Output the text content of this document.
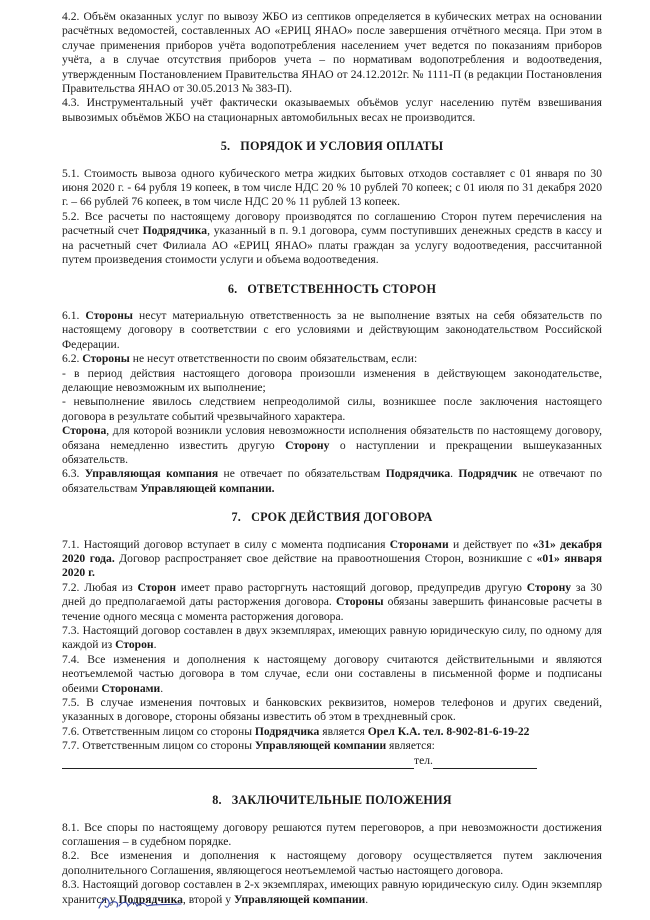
4.2. Объём оказанных услуг по вывозу ЖБО из септиков определяется в кубических метрах на основании расчётных ведомостей, составленных АО «ЕРИЦ ЯНАО» после завершения отчётного месяца. При этом в случае применения приборов учёта водопотребления населением учет ведется по показаниям приборов учёта, а в случае отсутствия приборов учета – по нормативам водопотребления и водоотведения, утвержденным Постановлением Правительства ЯНАО от 24.12.2012г. № 1111-П (в редакции Постановления Правительства ЯНАО от 30.05.2013 № 383-П).

4.3. Инструментальный учёт фактически оказываемых объёмов услуг населению путём взвешивания вывозимых объёмов ЖБО на стационарных автомобильных весах не производится.

5. ПОРЯДОК И УСЛОВИЯ ОПЛАТЫ

5.1. Стоимость вывоза одного кубического метра жидких бытовых отходов составляет с 01 января по 30 июня 2020 г. - 64 рубля 19 копеек, в том числе НДС 20 % 10 рублей 70 копеек; с 01 июля по 31 декабря 2020 г. – 66 рублей 76 копеек, в том числе НДС 20 % 11 рублей 13 копеек.

5.2. Все расчеты по настоящему договору производятся по соглашению Сторон путем перечисления на расчетный счет Подрядчика, указанный в п. 9.1 договора, сумм поступивших денежных средств в кассу и на расчетный счет Филиала АО «ЕРИЦ ЯНАО» платы граждан за услугу водоотведения, рассчитанной путем произведения стоимости услуги и объема водоотведения.

6. ОТВЕТСТВЕННОСТЬ СТОРОН

6.1. Стороны несут материальную ответственность за не выполнение взятых на себя обязательств по настоящему договору в соответствии с его условиями и действующим законодательством Российской Федерации.

6.2. Стороны не несут ответственности по своим обязательствам, если:

- в период действия настоящего договора произошли изменения в действующем законодательстве, делающие невозможным их выполнение;

- невыполнение явилось следствием непреодолимой силы, возникшее после заключения настоящего договора в результате событий чрезвычайного характера.

Сторона, для которой возникли условия невозможности исполнения обязательств по настоящему договору, обязана немедленно известить другую Сторону о наступлении и прекращении вышеуказанных обязательств.

6.3. Управляющая компания не отвечает по обязательствам Подрядчика. Подрядчик не отвечают по обязательствам Управляющей компании.

7. СРОК ДЕЙСТВИЯ ДОГОВОРА

7.1. Настоящий договор вступает в силу с момента подписания Сторонами и действует по «31» декабря 2020 года. Договор распространяет свое действие на правоотношения Сторон, возникшие с «01» января 2020 г.

7.2. Любая из Сторон имеет право расторгнуть настоящий договор, предупредив другую Сторону за 30 дней до предполагаемой даты расторжения договора. Стороны обязаны завершить финансовые расчеты в течение одного месяца с момента расторжения договора.

7.3. Настоящий договор составлен в двух экземплярах, имеющих равную юридическую силу, по одному для каждой из Сторон.

7.4. Все изменения и дополнения к настоящему договору считаются действительными и являются неотъемлемой частью договора в том случае, если они составлены в письменной форме и подписаны обеими Сторонами.

7.5. В случае изменения почтовых и банковских реквизитов, номеров телефонов и других сведений, указанных в договоре, стороны обязаны известить об этом в трехдневный срок.

7.6. Ответственным лицом со стороны Подрядчика является Орел К.А. тел. 8-902-81-6-19-22

7.7. Ответственным лицом со стороны Управляющей компании является:

тел.

8. ЗАКЛЮЧИТЕЛЬНЫЕ ПОЛОЖЕНИЯ

8.1. Все споры по настоящему договору решаются путем переговоров, а при невозможности достижения соглашения – в судебном порядке.

8.2. Все изменения и дополнения к настоящему договору осуществляется путем заключения дополнительного Соглашения, являющегося неотъемлемой частью настоящего договора.

8.3. Настоящий договор составлен в 2-х экземплярах, имеющих равную юридическую силу. Один экземпляр хранится у Подрядчика, второй у Управляющей компании.
